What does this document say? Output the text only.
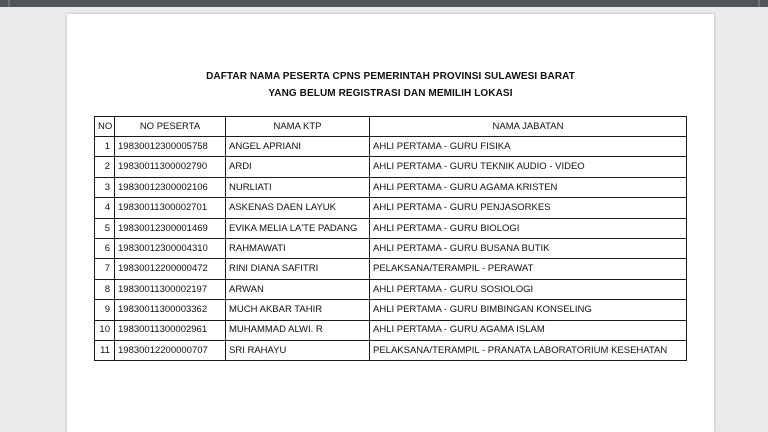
DAFTAR NAMA PESERTA CPNS PEMERINTAH PROVINSI SULAWESI BARAT
YANG BELUM REGISTRASI DAN MEMILIH LOKASI
NO	NO PESERTA	NAMA KTP	NAMA JABATAN
1	19830012300005758	ANGEL APRIANI	AHLI PERTAMA - GURU FISIKA
2	19830011300002790	ARDI	AHLI PERTAMA - GURU TEKNIK AUDIO - VIDEO
3	19830012300002106	NURLIATI	AHLI PERTAMA - GURU AGAMA KRISTEN
4	19830011300002701	ASKENAS DAEN LAYUK	AHLI PERTAMA - GURU PENJASORKES
5	19830012300001469	EVIKA MELIA LA'TE PADANG	AHLI PERTAMA - GURU BIOLOGI
6	19830012300004310	RAHMAWATI	AHLI PERTAMA - GURU BUSANA BUTIK
7	19830012200000472	RINI DIANA SAFITRI	PELAKSANA/TERAMPIL - PERAWAT
8	19830011300002197	ARWAN	AHLI PERTAMA - GURU SOSIOLOGI
9	19830011300003362	MUCH AKBAR TAHIR	AHLI PERTAMA - GURU BIMBINGAN KONSELING
10	19830011300002961	MUHAMMAD ALWI. R	AHLI PERTAMA - GURU AGAMA ISLAM
11	19830012200000707	SRI RAHAYU	PELAKSANA/TERAMPIL - PRANATA LABORATORIUM KESEHATAN
